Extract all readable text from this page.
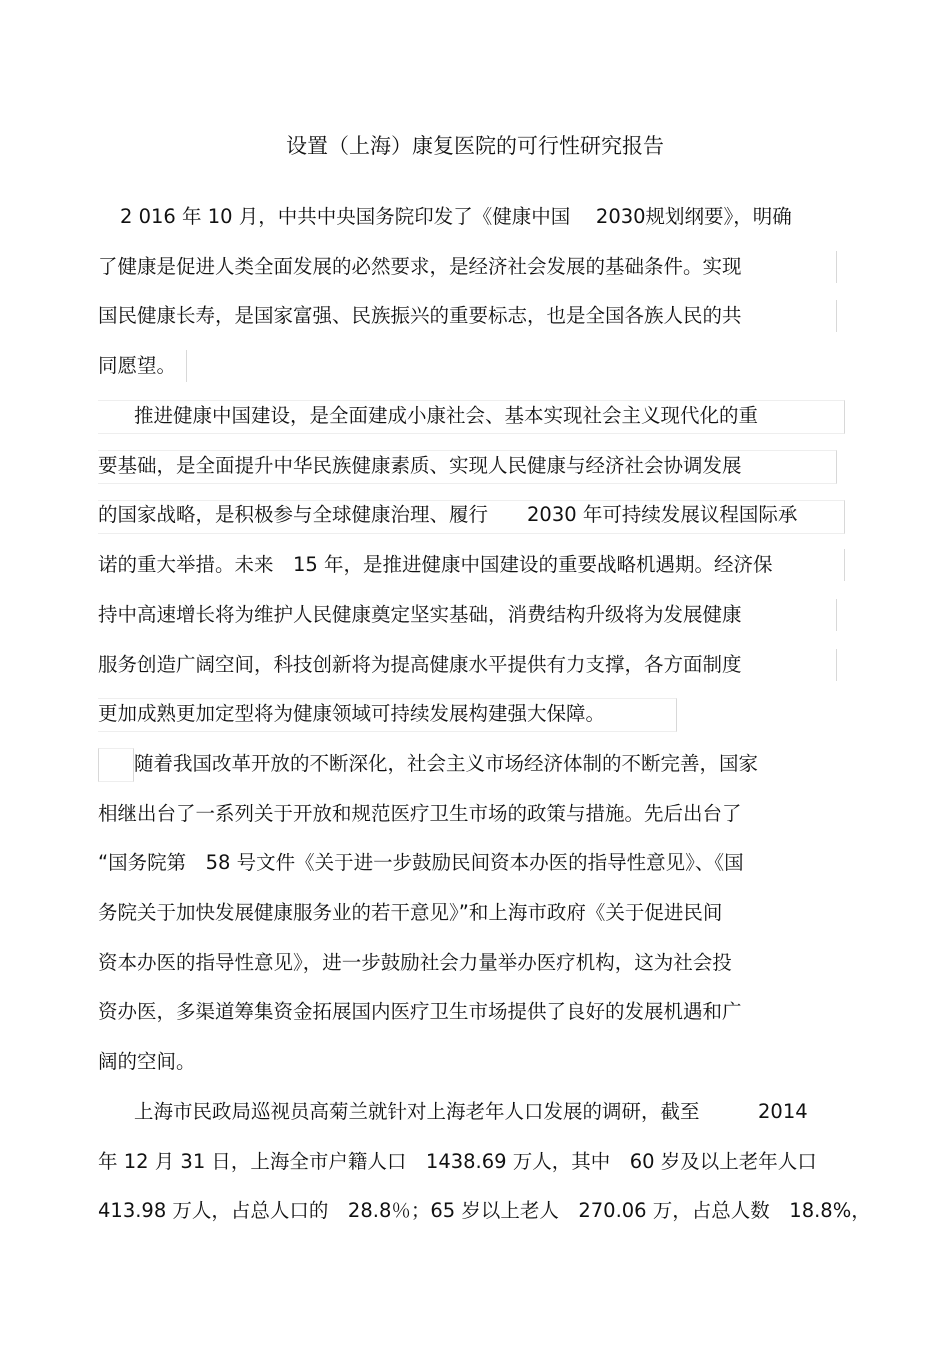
设置（上海）康复医院的可行性研究报告
2 016 年 10 月，中共中央国务院印发了《健康中国　 2030规划纲要》，明确
了健康是促进人类全面发展的必然要求，是经济社会发展的基础条件。实现
国民健康长寿，是国家富强、民族振兴的重要标志，也是全国各族人民的共
同愿望。
推进健康中国建设，是全面建成小康社会、基本实现社会主义现代化的重
要基础，是全面提升中华民族健康素质、实现人民健康与经济社会协调发展
的国家战略，是积极参与全球健康治理、履行　　2030 年可持续发展议程国际承
诺的重大举措。未来　15 年，是推进健康中国建设的重要战略机遇期。经济保
持中高速增长将为维护人民健康奠定坚实基础，消费结构升级将为发展健康
服务创造广阔空间，科技创新将为提高健康水平提供有力支撑，各方面制度
更加成熟更加定型将为健康领域可持续发展构建强大保障。
随着我国改革开放的不断深化，社会主义市场经济体制的不断完善，国家
相继出台了一系列关于开放和规范医疗卫生市场的政策与措施。先后出台了
“国务院第　58 号文件《关于进一步鼓励民间资本办医的指导性意见》、《国
务院关于加快发展健康服务业的若干意见》”和上海市政府《关于促进民间
资本办医的指导性意见》，进一步鼓励社会力量举办医疗机构，这为社会投
资办医，多渠道筹集资金拓展国内医疗卫生市场提供了良好的发展机遇和广
阔的空间。
上海市民政局巡视员高菊兰就针对上海老年人口发展的调研，截至　　　2014
年 12 月 31 日，上海全市户籍人口　1438.69 万人，其中　60 岁及以上老年人口
413.98 万人，占总人口的　28.8％；65 岁以上老人　270.06 万，占总人数　18.8%，
